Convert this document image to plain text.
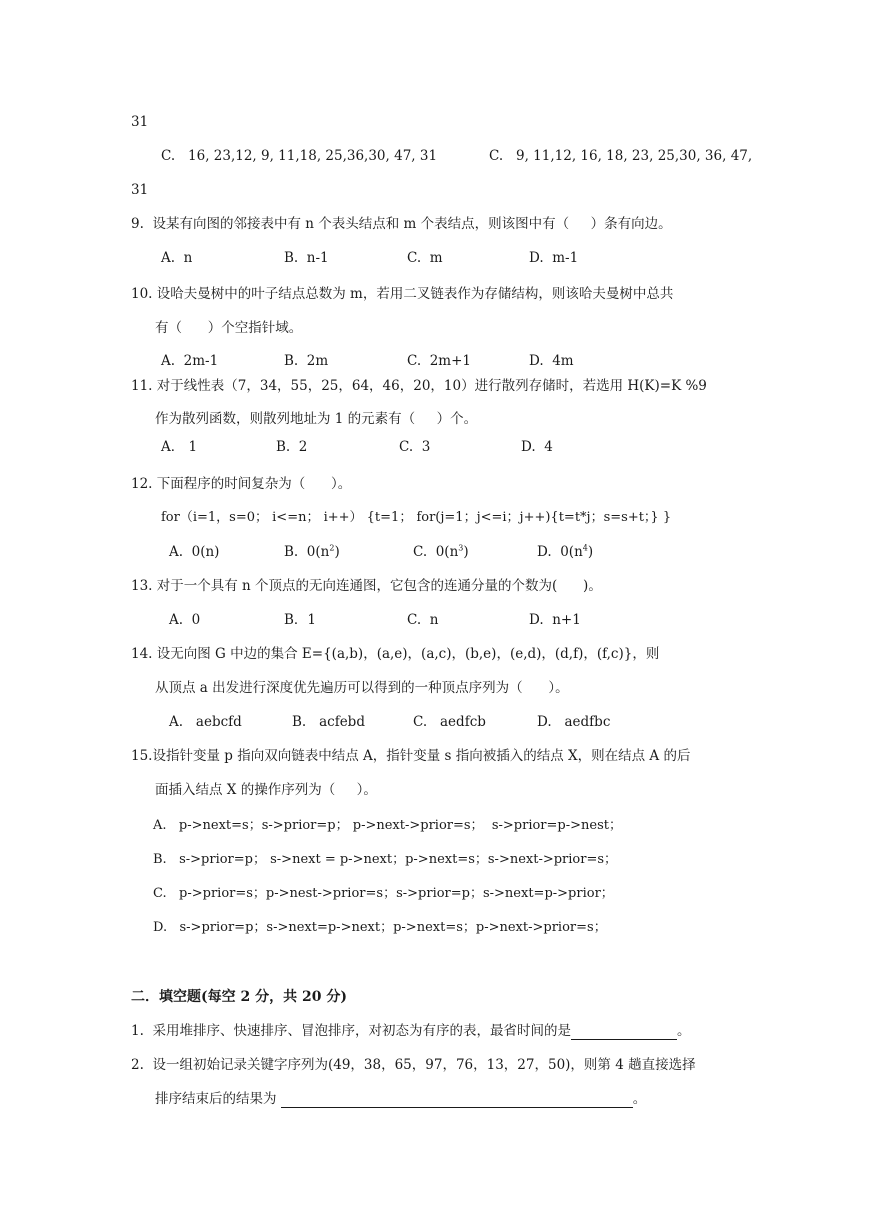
31
C.   16, 23,12, 9, 11,18, 25,36,30, 47, 31	C.   9, 11,12, 16, 18, 23, 25,30, 36, 47,
31
9.  设某有向图的邻接表中有 n 个表头结点和 m 个表结点，则该图中有（     ）条有向边。
A.  n	B.  n-1	C.  m	D.  m-1
10. 设哈夫曼树中的叶子结点总数为 m，若用二叉链表作为存储结构，则该哈夫曼树中总共
有（      ）个空指针域。
A.  2m-1	B.  2m	C.  2m+1	D.  4m
11. 对于线性表（7，34，55，25，64，46，20，10）进行散列存储时，若选用 H(K)=K %9
作为散列函数，则散列地址为 1 的元素有（     ）个。
A． 1	B.  2	C.  3	D.  4
12. 下面程序的时间复杂为（      ）。
for（i=1，s=0； i<=n； i++） {t=1； for(j=1；j<=i；j++){t=t*j；s=s+t；} }
A.  0(n)	B.  $0(n^2)$	C.  $0(n^3)$	D.  $0(n^4)$
13. 对于一个具有 n 个顶点的无向连通图，它包含的连通分量的个数为(      )。
A.  0	B．1	C.  n	D.  n+1
14. 设无向图 G 中边的集合 E={(a,b)，(a,e)，(a,c)，(b,e)，(e,d)，(d,f)，(f,c)}，则
从顶点 a 出发进行深度优先遍历可以得到的一种顶点序列为（      ）。
A.   aebcfd	B.   acfebd	C.   aedfcb	D.   aedfbc
15.设指针变量 p 指向双向链表中结点 A，指针变量 s 指向被插入的结点 X，则在结点 A 的后
面插入结点 X 的操作序列为（     ）。
A.   p->next=s；s->prior=p； p->next->prior=s；  s->prior=p->nest；
B.   s->prior=p； s->next = p->next；p->next=s；s->next->prior=s；
C.   p->prior=s；p->nest->prior=s；s->prior=p；s->next=p->prior；
D.   s->prior=p；s->next=p->next；p->next=s；p->next->prior=s；
二．填空题(每空 2 分，共 20 分)
1.  采用堆排序、快速排序、冒泡排序，对初态为有序的表，最省时间的是	。
2.  设一组初始记录关键字序列为(49，38，65，97，76，13，27，50)，则第 4 趟直接选择
排序结束后的结果为	。
